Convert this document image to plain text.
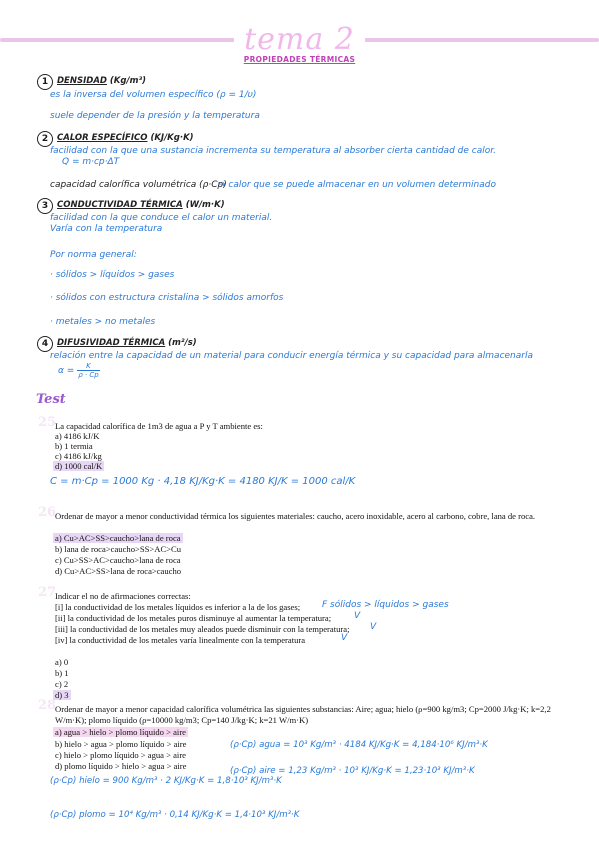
tema 2
PROPIEDADES TÉRMICAS
1	DENSIDAD (Kg/m³)
es la inversa del volumen específico (ρ = 1/υ)
suele depender de la presión y la temperatura
2	CALOR ESPECÍFICO (KJ/Kg·K)
facilidad con la que una sustancia incrementa su temperatura al absorber cierta cantidad de calor.
Q = m·cp·ΔT
capacidad calorífica volumétrica (ρ·Cp)
→ calor que se puede almacenar en un volumen determinado
3	CONDUCTIVIDAD TÉRMICA (W/m·K)
facilidad con la que conduce el calor un material.
Varía con la temperatura
Por norma general:
· sólidos > líquidos > gases
· sólidos con estructura cristalina > sólidos amorfos
· metales > no metales
4	DIFUSIVIDAD TÉRMICA (m²/s)
relación entre la capacidad de un material para conducir energía térmica y su capacidad para almacenarla
$\alpha = \frac{K}{\rho \cdot Cp}$
Test
25
La capacidad calorífica de 1m3 de agua a P y T ambiente es:
a) 4186 kJ/K
b) 1 termia
c) 4186 kJ/kg
d) 1000 cal/K
C = m·Cp = 1000 Kg · 4,18 KJ/Kg·K = 4180 KJ/K = 1000 cal/K
26
Ordenar de mayor a menor conductividad térmica los siguientes materiales: caucho, acero inoxidable, acero al carbono, cobre, lana de roca.
a) Cu>AC>SS>caucho>lana de roca
b) lana de roca>caucho>SS>AC>Cu
c) Cu>SS>AC>caucho>lana de roca
d) Cu>AC>SS>lana de roca>caucho
27
Indicar el no de afirmaciones correctas:
[i] la conductividad de los metales líquidos es inferior a la de los gases; F sólidos > líquidos > gases
[ii] la conductividad de los metales puros disminuye al aumentar la temperatura;	V
[iii] la conductividad de los metales muy aleados puede disminuir con la temperatura; V
[iv] la conductividad de los metales varía linealmente con la temperatura	V
a) 0
b) 1
c) 2
d) 3
28
Ordenar de mayor a menor capacidad calorífica volumétrica las siguientes substancias: Aire; agua; hielo (ρ=900 kg/m3; Cp=2000 J/kg·K; k=2,2 W/m·K); plomo líquido (ρ=10000 kg/m3; Cp=140 J/kg·K; k=21 W/m·K)
a) agua > hielo > plomo líquido > aire
b) hielo > agua > plomo líquido > aire
c) hielo > plomo líquido > agua > aire
d) plomo líquido > hielo > agua > aire
(ρ·Cp) agua = 10³ Kg/m³ · 4184 KJ/Kg·K = 4,184·10⁶ KJ/m³·K
(ρ·Cp) aire = 1,23 Kg/m³ · 10³ KJ/Kg·K = 1,23·10³ KJ/m³·K
(ρ·Cp) hielo = 900 Kg/m³ · 2 KJ/Kg·K = 1,8·10³ KJ/m³·K
(ρ·Cp) plomo = 10⁴ Kg/m³ · 0,14 KJ/Kg·K = 1,4·10³ KJ/m³·K
